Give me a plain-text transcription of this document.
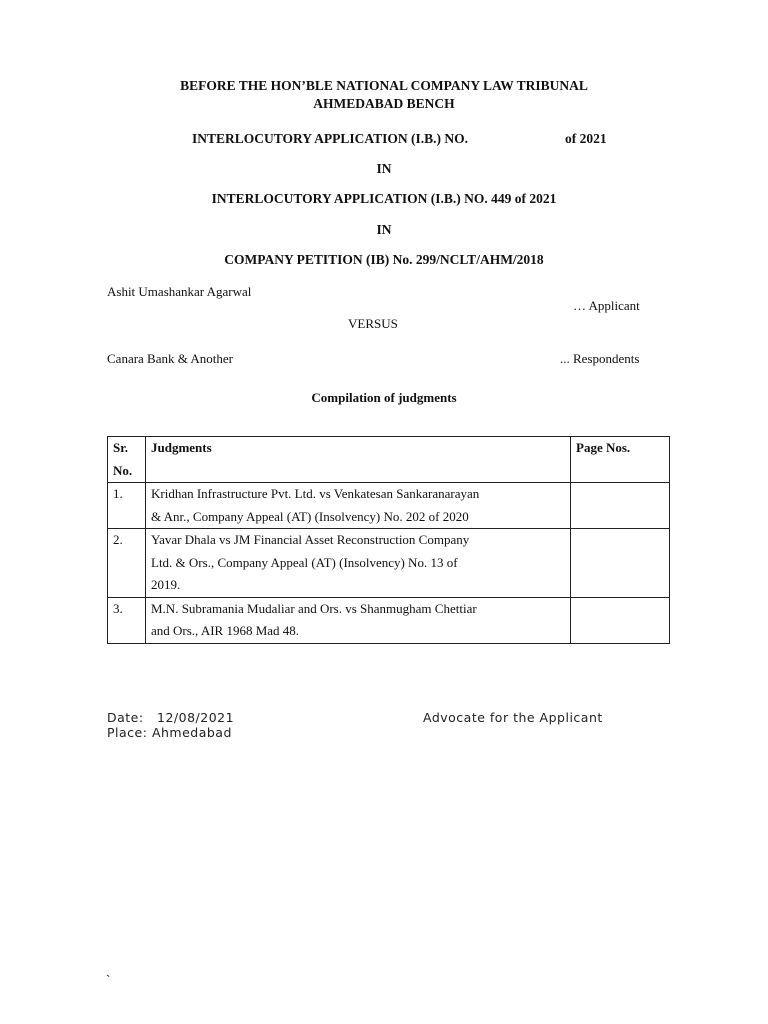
BEFORE THE HON’BLE NATIONAL COMPANY LAW TRIBUNAL
AHMEDABAD BENCH
INTERLOCUTORY APPLICATION (I.B.) NO.	of 2021
IN
INTERLOCUTORY APPLICATION (I.B.) NO. 449 of 2021
IN
COMPANY PETITION (IB) No. 299/NCLT/AHM/2018
Ashit Umashankar Agarwal
… Applicant
VERSUS
Canara Bank & Another	... Respondents
Compilation of judgments
Sr.
No.	Judgments	Page Nos.
1.	Kridhan Infrastructure Pvt. Ltd. vs Venkatesan Sankaranarayan
& Anr., Company Appeal (AT) (Insolvency) No. 202 of 2020	

2.	Yavar Dhala vs JM Financial Asset Reconstruction Company
Ltd. & Ors., Company Appeal (AT) (Insolvency) No. 13 of
2019.	

3.	M.N. Subramania Mudaliar and Ors. vs Shanmugham Chettiar
and Ors., AIR 1968 Mad 48.	

Date: 12/08/2021	Advocate for the Applicant
Place: Ahmedabad
`
